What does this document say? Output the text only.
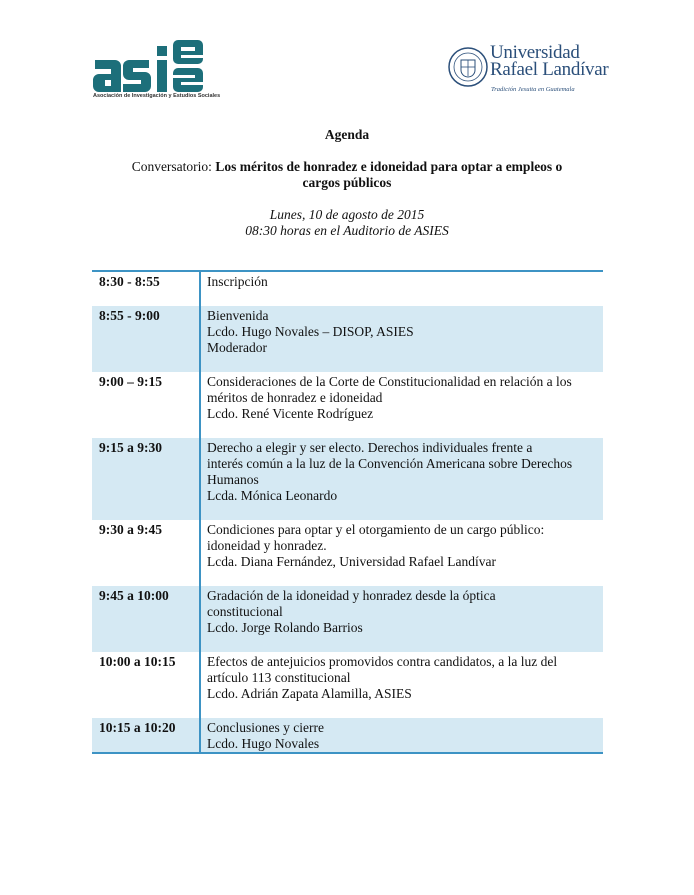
Asociación de Investigación y Estudios Sociales
Universidad
Rafael Landívar
Tradición Jesuita en Guatemala
Agenda
Conversatorio: Los méritos de honradez e idoneidad para optar a empleos o
cargos públicos
Lunes, 10 de agosto de 2015
08:30 horas en el Auditorio de ASIES
8:30 - 8:55	Inscripción
8:55 - 9:00	Bienvenida
Lcdo. Hugo Novales – DISOP, ASIES
Moderador
9:00 – 9:15	Consideraciones de la Corte de Constitucionalidad en relación a los
méritos de honradez e idoneidad
Lcdo. René Vicente Rodríguez
9:15 a 9:30	Derecho a elegir y ser electo. Derechos individuales frente a
interés común a la luz de la Convención Americana sobre Derechos
Humanos
Lcda. Mónica Leonardo
9:30 a 9:45	Condiciones para optar y el otorgamiento de un cargo público:
idoneidad y honradez.
Lcda. Diana Fernández, Universidad Rafael Landívar
9:45 a 10:00	Gradación de la idoneidad y honradez desde la óptica
constitucional
Lcdo. Jorge Rolando Barrios
10:00 a 10:15	Efectos de antejuicios promovidos contra candidatos, a la luz del
artículo 113 constitucional
Lcdo. Adrián Zapata Alamilla, ASIES
10:15 a 10:20	Conclusiones y cierre
Lcdo. Hugo Novales
